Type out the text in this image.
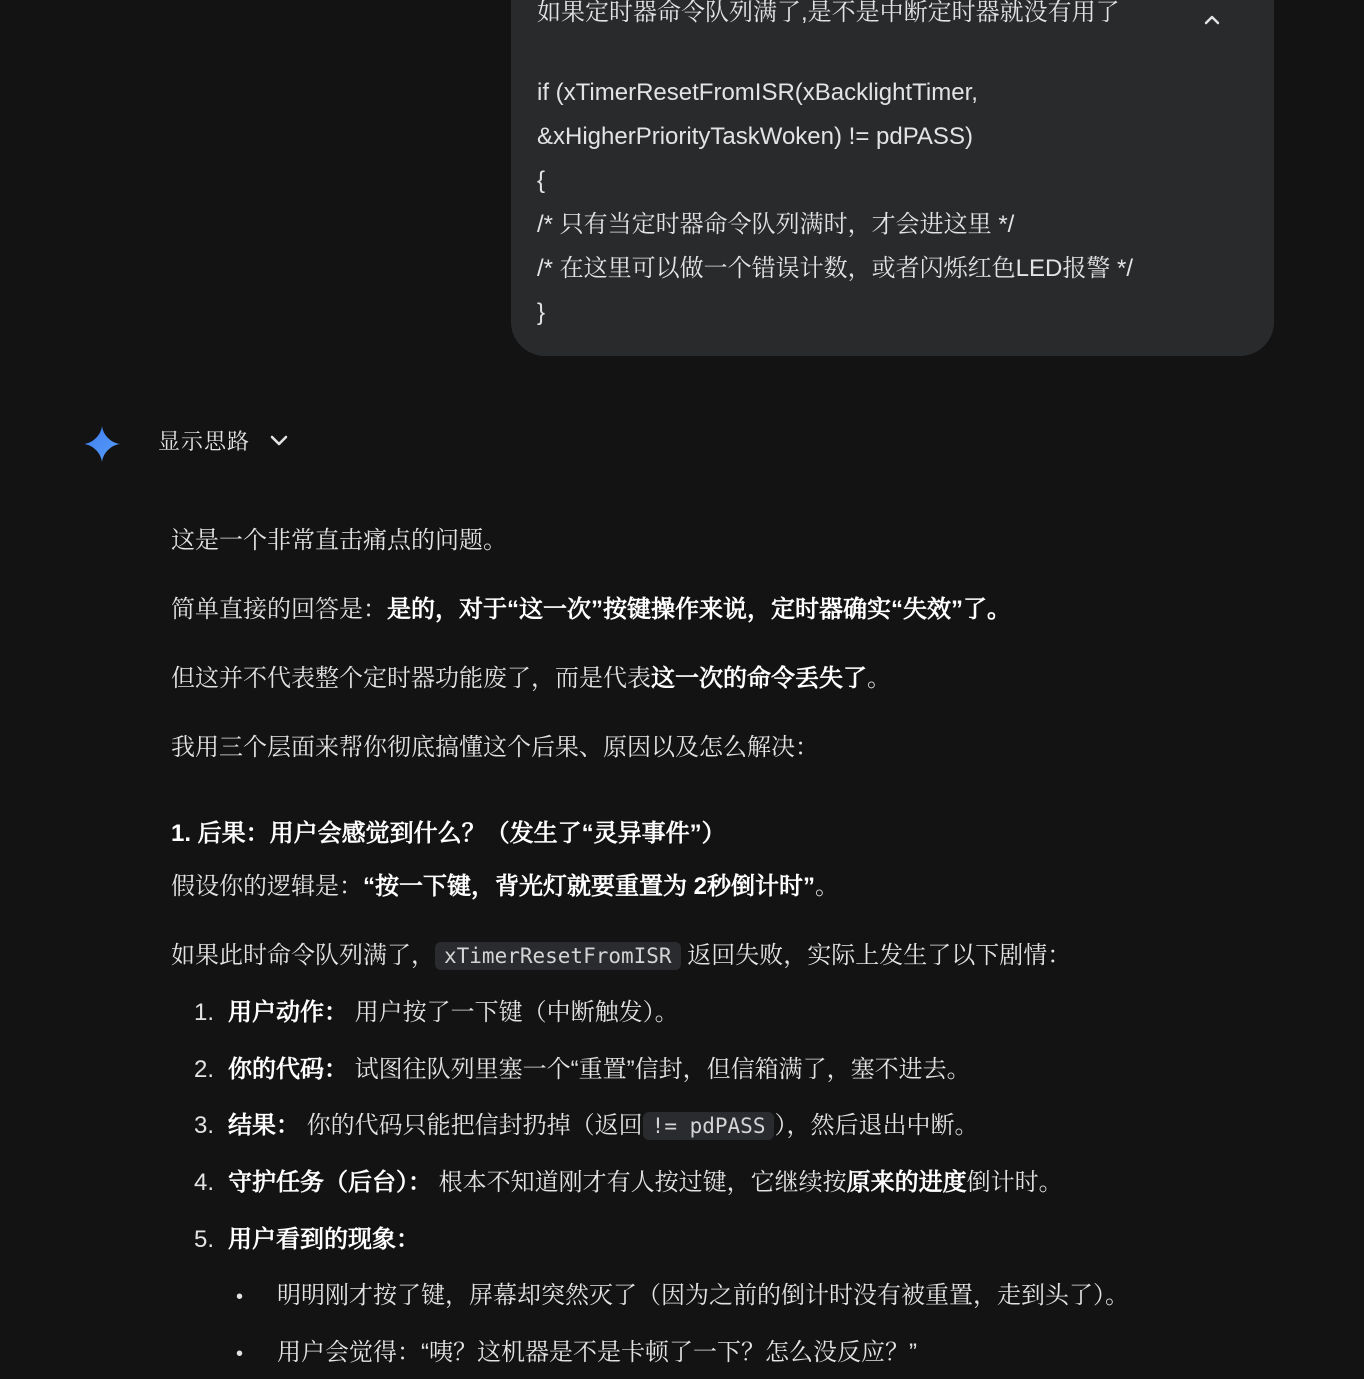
如果定时器命令队列满了,是不是中断定时器就没有用了
if (xTimerResetFromISR(xBacklightTimer,
&xHigherPriorityTaskWoken) != pdPASS)
{
/* 只有当定时器命令队列满时，才会进这里 */
/* 在这里可以做一个错误计数，或者闪烁红色LED报警 */
}
显示思路
这是一个非常直击痛点的问题。
简单直接的回答是：是的，对于“这一次”按键操作来说，定时器确实“失效”了。
但这并不代表整个定时器功能废了，而是代表这一次的命令丢失了。
我用三个层面来帮你彻底搞懂这个后果、原因以及怎么解决：
1. 后果：用户会感觉到什么？（发生了“灵异事件”）
假设你的逻辑是：“按一下键，背光灯就要重置为 2秒倒计时”。
如果此时命令队列满了， xTimerResetFromISR 返回失败，实际上发生了以下剧情：
1. 用户动作： 用户按了一下键（中断触发）。
2. 你的代码： 试图往队列里塞一个“重置”信封，但信箱满了，塞不进去。
3. 结果： 你的代码只能把信封扔掉（返回 != pdPASS ），然后退出中断。
4. 守护任务（后台）： 根本不知道刚才有人按过键，它继续按原来的进度倒计时。
5. 用户看到的现象：
• 明明刚才按了键，屏幕却突然灭了（因为之前的倒计时没有被重置，走到头了）。
• 用户会觉得：“咦？这机器是不是卡顿了一下？怎么没反应？”
